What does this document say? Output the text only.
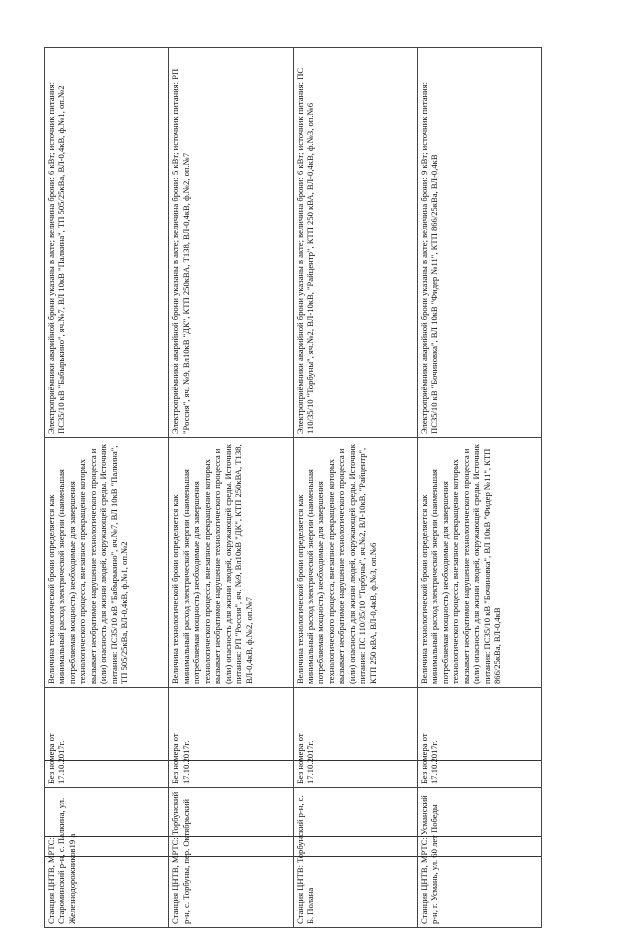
Станция ЦНТВ, МРТС: Староминский р-н, с. Палкина, ул. Железнодорожников19 а	Без номера от 17.10.2017г.	Величина технологической брони определяется как минимальный расход электрической энергии (наименьшая потребляемая мощность) необходимые для завершения технологического процесса, внезапное прекращение которых вызывает необратимое нарушение технологического процесса и (или) опасность для жизни людей, окружающей среды. Источник питания: ПС35/10 кВ "Бабырькино", яч.№7, ВЛ 10кВ "Палкина", ТП 505/25кВа, ВЛ-0,4кВ, ф.№1, оп.№2	Электроприёмники аварийной брони указаны в акте; величина брони: 6 кВт; источник питания: ПС35/10 кВ "Бабырькино", яч.№7, ВЛ 10кВ "Палкина", ТП 505/25кВа, ВЛ-0,4кВ, ф.№1, оп.№2
Станция ЦНТВ, МРТС: Торбунский р-н, с. Торбуны, пер. Октябрьский	Без номера от 17.10.2017г.	Величина технологической брони определяется как минимальный расход электрической энергии (наименьшая потребляемая мощность) необходимые для завершения технологического процесса, внезапное прекращение которых вызывает необратимое нарушение технологического процесса и (или) опасность для жизни людей, окружающей среды. Источник питания: РП "Россия", яч. №9, Вл10кВ "ДК", КТП 250кВА, Т138, ВЛ-0,4кВ, ф.№2, оп.№7	Электроприёмники аварийной брони указаны в акте; величина брони: 5 кВт; источник питания: РП "Россия", яч. №9, Вл10кВ "ДК", КТП 250кВА, Т138, ВЛ-0,4кВ, ф.№2, оп.№7
Станция ЦНТВ: Торбунский р-н, с. Б. Полана	Без номера от 17.10.2017г.	Величина технологической брони определяется как минимальный расход электрической энергии (наименьшая потребляемая мощность) необходимые для завершения технологического процесса, внезапное прекращение которых вызывает необратимое нарушение технологического процесса и (или) опасность для жизни людей, окружающей среды. Источник питания: ПС 110/35/10 "Торбуны", яч.№2, ВЛ-10кВ, "Райцентр", КТП 250 кВА, ВЛ-0,4кВ, ф.№3, оп.№6	Электроприёмники аварийной брони указаны в акте; величина брони: 6 кВт; источник питания: ПС 110/35/10 "Торбуны", яч.№2, ВЛ-10кВ, "Райцентр", КТП 250 кВА, ВЛ-0,4кВ, ф.№3, оп.№6
Станция ЦНТВ, МРТС: Усманский р-н, г. Усмань, ул. 60 лет Победы	Без номера от 17.10.2017г.	Величина технологической брони определяется как минимальный расход электрической энергии (наименьшая потребляемая мощность) необходимые для завершения технологического процесса, внезапное прекращение которых вызывает необратимое нарушение технологического процесса и (или) опасность для жизни людей, окружающей среды. Источник питания: ПС35/10 кВ "Бочиновка", ВЛ 10кВ "Фидер №11", КТП 866/25кВа, ВЛ-0,4кВ	Электроприёмники аварийной брони указаны в акте; величина брони: 9 кВт; источник питания: ПС35/10 кВ "Бочиновка", ВЛ 10кВ "Фидер №11", КТП 866/25кВа, ВЛ-0,4кВ
